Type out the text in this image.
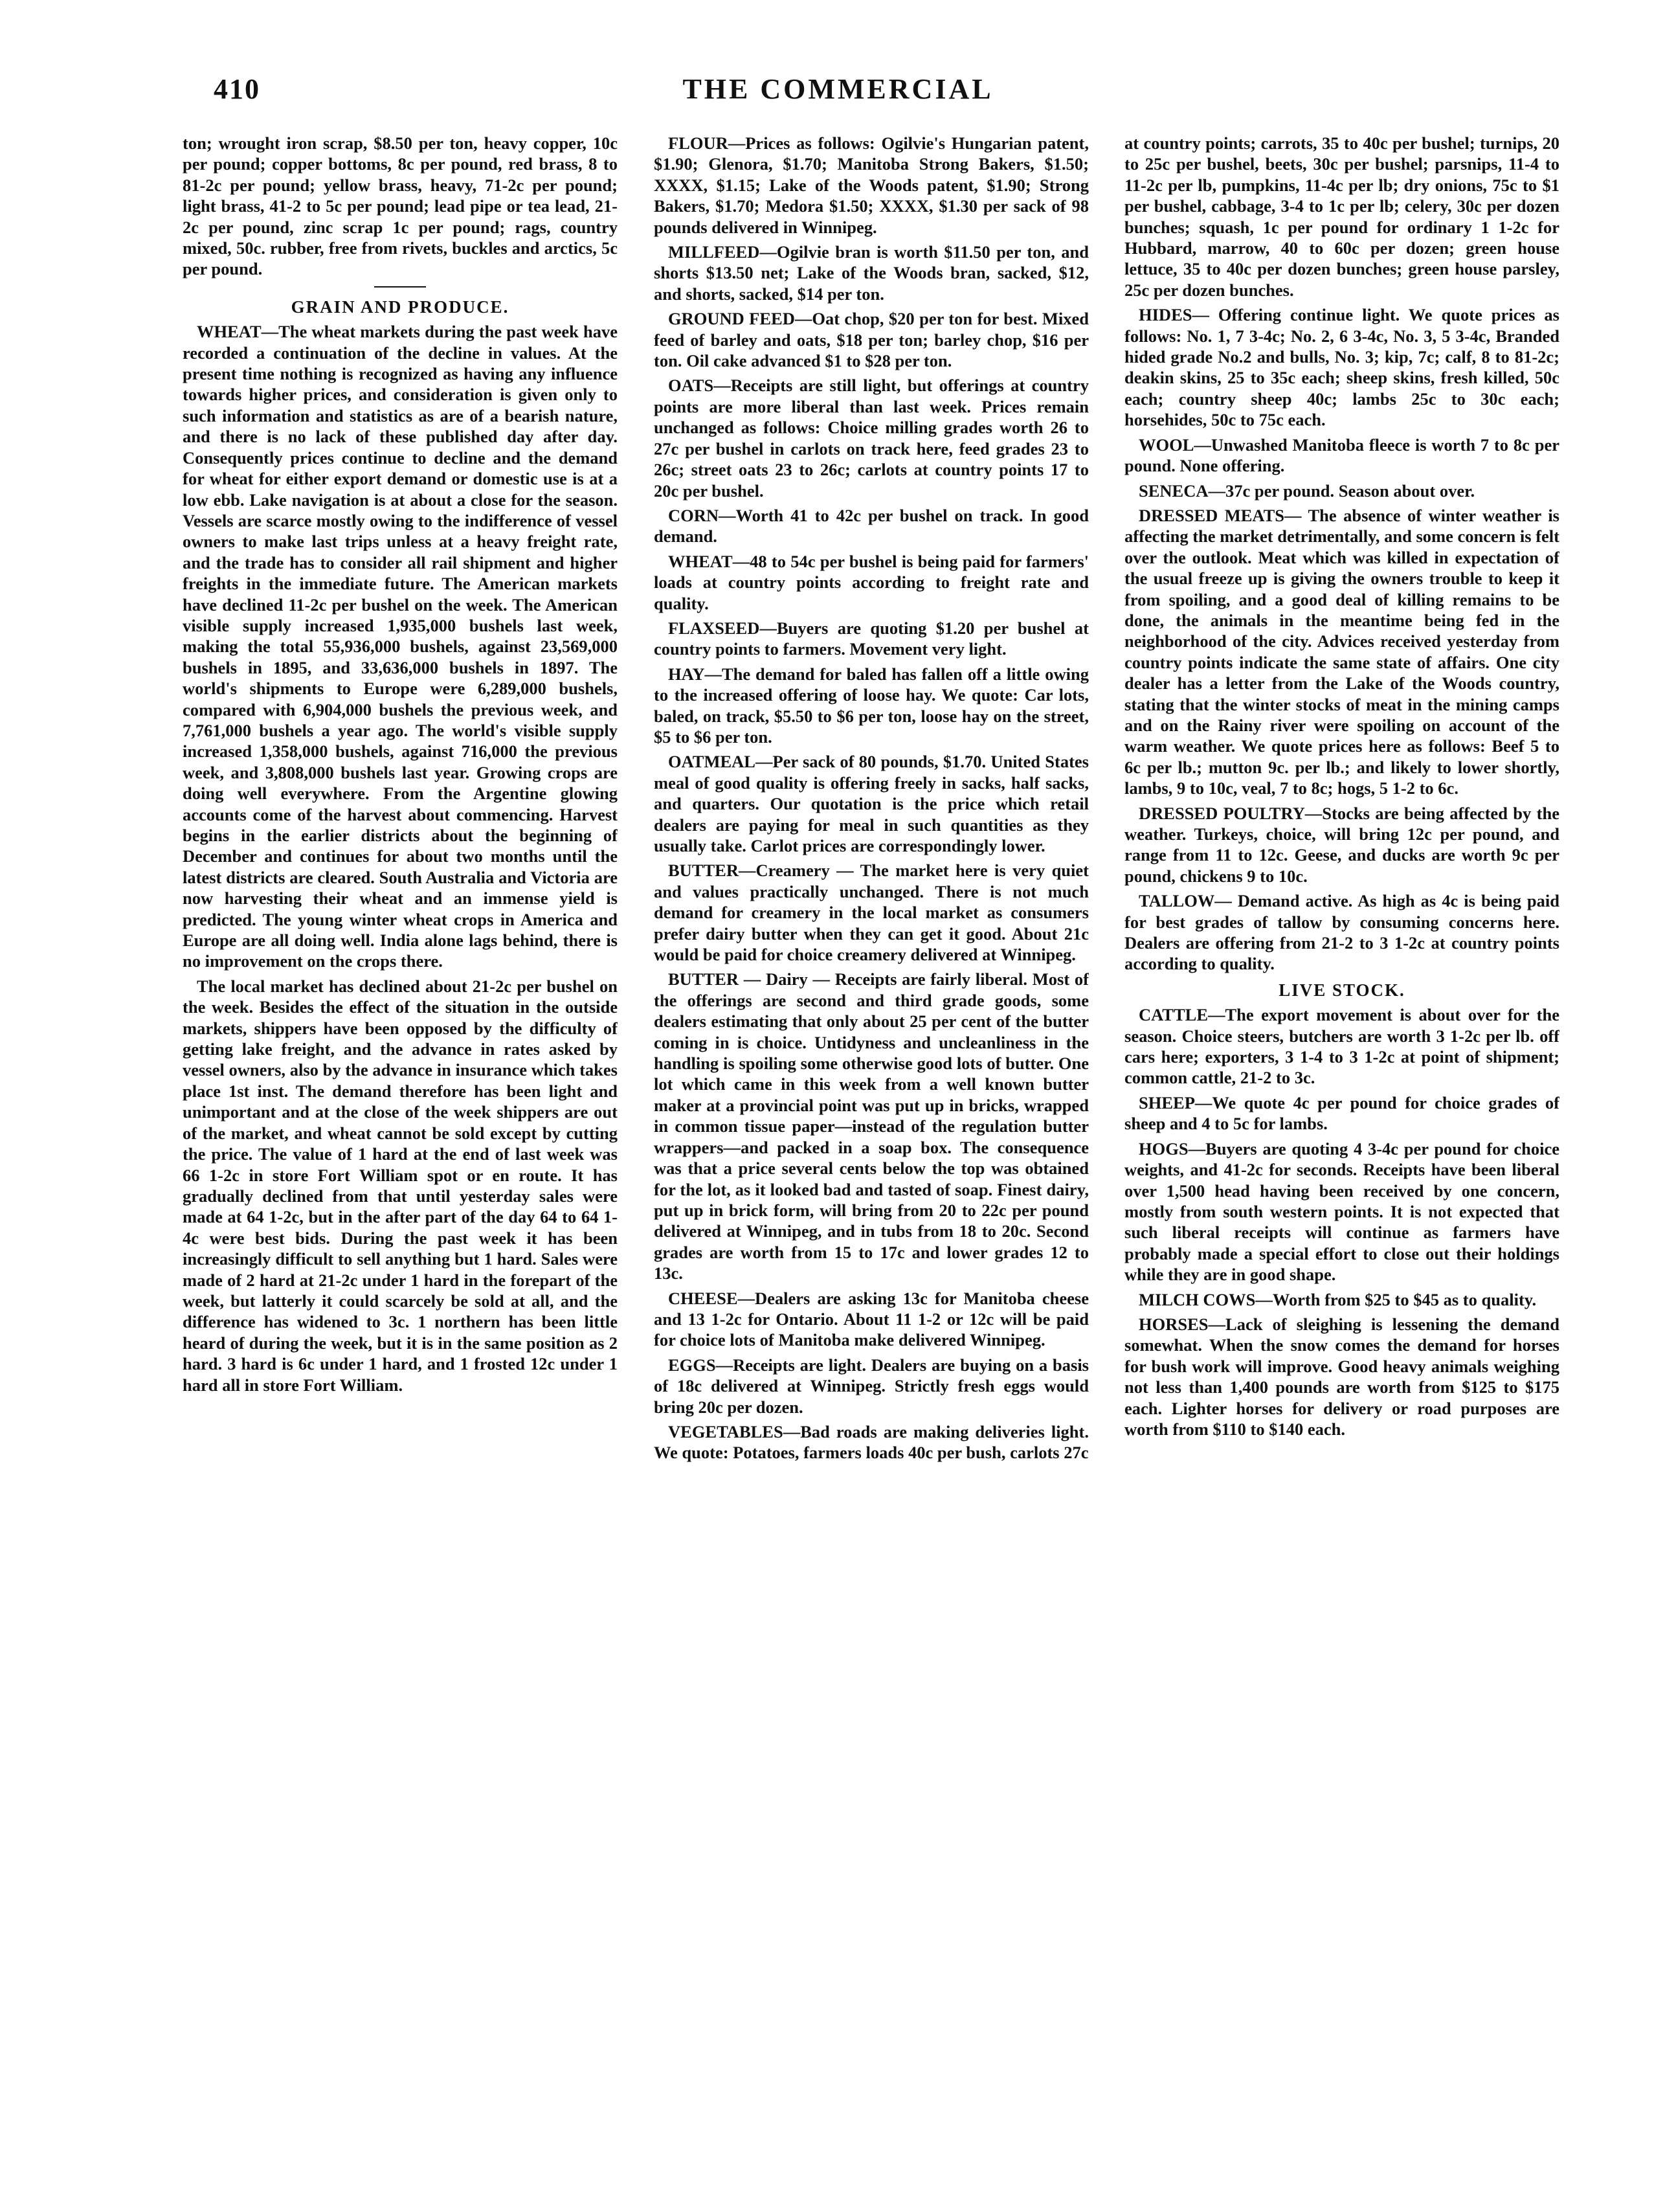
THE COMMERCIAL
410

ton; wrought iron scrap, $8.50 per ton, heavy copper, 10c per pound; copper bottoms, 8c per pound, red brass, 8 to 81-2c per pound; yellow brass, heavy, 71-2c per pound; light brass, 41-2 to 5c per pound; lead pipe or tea lead, 21-2c per pound, zinc scrap 1c per pound; rags, country mixed, 50c. rubber, free from rivets, buckles and arctics, 5c per pound.

GRAIN AND PRODUCE.

WHEAT—The wheat markets during the past week have recorded a continuation of the decline in values. At the present time nothing is recognized as having any influence towards higher prices, and consideration is given only to such information and statistics as are of a bearish nature, and there is no lack of these published day after day. Consequently prices continue to decline and the demand for wheat for either export demand or domestic use is at a low ebb. Lake navigation is at about a close for the season. Vessels are scarce mostly owing to the indifference of vessel owners to make last trips unless at a heavy freight rate, and the trade has to consider all rail shipment and higher freights in the immediate future. The American markets have declined 11-2c per bushel on the week. The American visible supply increased 1,935,000 bushels last week, making the total 55,936,000 bushels, against 23,569,000 bushels in 1895, and 33,636,000 bushels in 1897. The world's shipments to Europe were 6,289,000 bushels, compared with 6,904,000 bushels the previous week, and 7,761,000 bushels a year ago. The world's visible supply increased 1,358,000 bushels, against 716,000 the previous week, and 3,808,000 bushels last year. Growing crops are doing well everywhere. From the Argentine glowing accounts come of the harvest about commencing. Harvest begins in the earlier districts about the beginning of December and continues for about two months until the latest districts are cleared. South Australia and Victoria are now harvesting their wheat and an immense yield is predicted. The young winter wheat crops in America and Europe are all doing well. India alone lags behind, there is no improvement on the crops there.

The local market has declined about 21-2c per bushel on the week. Besides the effect of the situation in the outside markets, shippers have been opposed by the difficulty of getting lake freight, and the advance in rates asked by vessel owners, also by the advance in insurance which takes place 1st inst. The demand therefore has been light and unimportant and at the close of the week shippers are out of the market, and wheat cannot be sold except by cutting the price. The value of 1 hard at the end of last week was 66 1-2c in store Fort William spot or en route. It has gradually declined from that until yesterday sales were made at 64 1-2c, but in the after part of the day 64 to 64 1-4c were best bids. During the past week it has been increasingly difficult to sell anything but 1 hard. Sales were made of 2 hard at 21-2c under 1 hard in the forepart of the week, but latterly it could scarcely be sold at all, and the difference has widened to 3c. 1 northern has been little heard of during the week, but it is in the same position as 2 hard. 3 hard is 6c under 1 hard, and 1 frosted 12c under 1 hard all in store Fort William.

FLOUR—Prices as follows: Ogilvie's Hungarian patent, $1.90; Glenora, $1.70; Manitoba Strong Bakers, $1.50; XXXX, $1.15; Lake of the Woods patent, $1.90; Strong Bakers, $1.70; Medora $1.50; XXXX, $1.30 per sack of 98 pounds delivered in Winnipeg.

MILLFEED—Ogilvie bran is worth $11.50 per ton, and shorts $13.50 net; Lake of the Woods bran, sacked, $12, and shorts, sacked, $14 per ton.

GROUND FEED—Oat chop, $20 per ton for best. Mixed feed of barley and oats, $18 per ton; barley chop, $16 per ton. Oil cake advanced $1 to $28 per ton.

OATS—Receipts are still light, but offerings at country points are more liberal than last week. Prices remain unchanged as follows: Choice milling grades worth 26 to 27c per bushel in carlots on track here, feed grades 23 to 26c; street oats 23 to 26c; carlots at country points 17 to 20c per bushel.

CORN—Worth 41 to 42c per bushel on track. In good demand.

WHEAT—48 to 54c per bushel is being paid for farmers' loads at country points according to freight rate and quality.

FLAXSEED—Buyers are quoting $1.20 per bushel at country points to farmers. Movement very light.

HAY—The demand for baled has fallen off a little owing to the increased offering of loose hay. We quote: Car lots, baled, on track, $5.50 to $6 per ton, loose hay on the street, $5 to $6 per ton.

OATMEAL—Per sack of 80 pounds, $1.70. United States meal of good quality is offering freely in sacks, half sacks, and quarters. Our quotation is the price which retail dealers are paying for meal in such quantities as they usually take. Carlot prices are correspondingly lower.

BUTTER—Creamery — The market here is very quiet and values practically unchanged. There is not much demand for creamery in the local market as consumers prefer dairy butter when they can get it good. About 21c would be paid for choice creamery delivered at Winnipeg.

BUTTER — Dairy — Receipts are fairly liberal. Most of the offerings are second and third grade goods, some dealers estimating that only about 25 per cent of the butter coming in is choice. Untidyness and uncleanliness in the handling is spoiling some otherwise good lots of butter. One lot which came in this week from a well known butter maker at a provincial point was put up in bricks, wrapped in common tissue paper—instead of the regulation butter wrappers—and packed in a soap box. The consequence was that a price several cents below the top was obtained for the lot, as it looked bad and tasted of soap. Finest dairy, put up in brick form, will bring from 20 to 22c per pound delivered at Winnipeg, and in tubs from 18 to 20c. Second grades are worth from 15 to 17c and lower grades 12 to 13c.

CHEESE—Dealers are asking 13c for Manitoba cheese and 13 1-2c for Ontario. About 11 1-2 or 12c will be paid for choice lots of Manitoba make delivered Winnipeg.

EGGS—Receipts are light. Dealers are buying on a basis of 18c delivered at Winnipeg. Strictly fresh eggs would bring 20c per dozen.

VEGETABLES—Bad roads are making deliveries light. We quote: Potatoes, farmers loads 40c per bush, carlots 27c

at country points; carrots, 35 to 40c per bushel; turnips, 20 to 25c per bushel, beets, 30c per bushel; parsnips, 11-4 to 11-2c per lb, pumpkins, 11-4c per lb; dry onions, 75c to $1 per bushel, cabbage, 3-4 to 1c per lb; celery, 30c per dozen bunches; squash, 1c per pound for ordinary 1 1-2c for Hubbard, marrow, 40 to 60c per dozen; green house lettuce, 35 to 40c per dozen bunches; green house parsley, 25c per dozen bunches.

HIDES— Offering continue light. We quote prices as follows: No. 1, 7 3-4c; No. 2, 6 3-4c, No. 3, 5 3-4c, Branded hided grade No.2 and bulls, No. 3; kip, 7c; calf, 8 to 81-2c; deakin skins, 25 to 35c each; sheep skins, fresh killed, 50c each; country sheep 40c; lambs 25c to 30c each; horsehides, 50c to 75c each.

WOOL—Unwashed Manitoba fleece is worth 7 to 8c per pound. None offering.

SENECA—37c per pound. Season about over.

DRESSED MEATS— The absence of winter weather is affecting the market detrimentally, and some concern is felt over the outlook. Meat which was killed in expectation of the usual freeze up is giving the owners trouble to keep it from spoiling, and a good deal of killing remains to be done, the animals in the meantime being fed in the neighborhood of the city. Advices received yesterday from country points indicate the same state of affairs. One city dealer has a letter from the Lake of the Woods country, stating that the winter stocks of meat in the mining camps and on the Rainy river were spoiling on account of the warm weather. We quote prices here as follows: Beef 5 to 6c per lb.; mutton 9c. per lb.; and likely to lower shortly, lambs, 9 to 10c, veal, 7 to 8c; hogs, 5 1-2 to 6c.

DRESSED POULTRY—Stocks are being affected by the weather. Turkeys, choice, will bring 12c per pound, and range from 11 to 12c. Geese, and ducks are worth 9c per pound, chickens 9 to 10c.

TALLOW— Demand active. As high as 4c is being paid for best grades of tallow by consuming concerns here. Dealers are offering from 21-2 to 3 1-2c at country points according to quality.

LIVE STOCK.

CATTLE—The export movement is about over for the season. Choice steers, butchers are worth 3 1-2c per lb. off cars here; exporters, 3 1-4 to 3 1-2c at point of shipment; common cattle, 21-2 to 3c.

SHEEP—We quote 4c per pound for choice grades of sheep and 4 to 5c for lambs.

HOGS—Buyers are quoting 4 3-4c per pound for choice weights, and 41-2c for seconds. Receipts have been liberal over 1,500 head having been received by one concern, mostly from south western points. It is not expected that such liberal receipts will continue as farmers have probably made a special effort to close out their holdings while they are in good shape.

MILCH COWS—Worth from $25 to $45 as to quality.

HORSES—Lack of sleighing is lessening the demand somewhat. When the snow comes the demand for horses for bush work will improve. Good heavy animals weighing not less than 1,400 pounds are worth from $125 to $175 each. Lighter horses for delivery or road purposes are worth from $110 to $140 each.
